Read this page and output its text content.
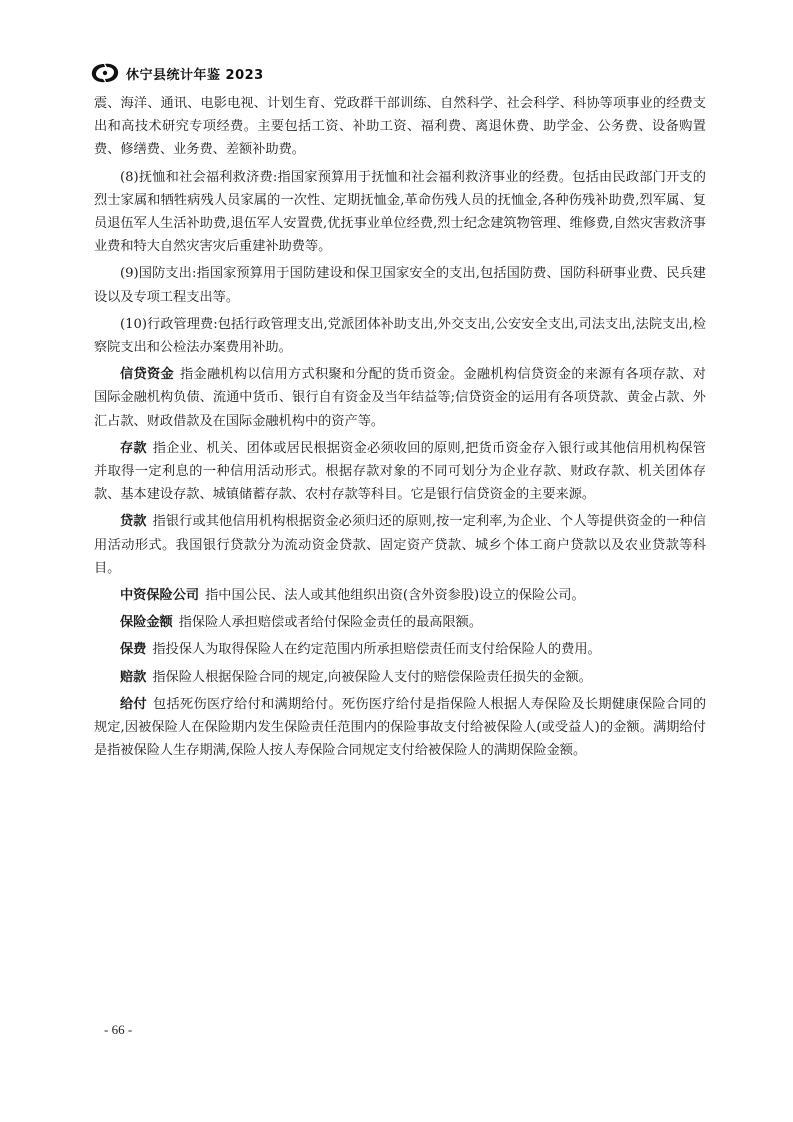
休宁县统计年鉴 2023

震、海洋、通讯、电影电视、计划生育、党政群干部训练、自然科学、社会科学、科协等项事业的经费支出和高技术研究专项经费。主要包括工资、补助工资、福利费、离退休费、助学金、公务费、设备购置费、修缮费、业务费、差额补助费。

(8)抚恤和社会福利救济费:指国家预算用于抚恤和社会福利救济事业的经费。包括由民政部门开支的烈士家属和牺牲病残人员家属的一次性、定期抚恤金,革命伤残人员的抚恤金,各种伤残补助费,烈军属、复员退伍军人生活补助费,退伍军人安置费,优抚事业单位经费,烈士纪念建筑物管理、维修费,自然灾害救济事业费和特大自然灾害灾后重建补助费等。

(9)国防支出:指国家预算用于国防建设和保卫国家安全的支出,包括国防费、国防科研事业费、民兵建设以及专项工程支出等。

(10)行政管理费:包括行政管理支出,党派团体补助支出,外交支出,公安安全支出,司法支出,法院支出,检察院支出和公检法办案费用补助。

信贷资金 指金融机构以信用方式积聚和分配的货币资金。金融机构信贷资金的来源有各项存款、对国际金融机构负债、流通中货币、银行自有资金及当年结益等;信贷资金的运用有各项贷款、黄金占款、外汇占款、财政借款及在国际金融机构中的资产等。

存款 指企业、机关、团体或居民根据资金必须收回的原则,把货币资金存入银行或其他信用机构保管并取得一定利息的一种信用活动形式。根据存款对象的不同可划分为企业存款、财政存款、机关团体存款、基本建设存款、城镇储蓄存款、农村存款等科目。它是银行信贷资金的主要来源。

贷款 指银行或其他信用机构根据资金必须归还的原则,按一定利率,为企业、个人等提供资金的一种信用活动形式。我国银行贷款分为流动资金贷款、固定资产贷款、城乡个体工商户贷款以及农业贷款等科目。

中资保险公司 指中国公民、法人或其他组织出资(含外资参股)设立的保险公司。

保险金额 指保险人承担赔偿或者给付保险金责任的最高限额。

保费 指投保人为取得保险人在约定范围内所承担赔偿责任而支付给保险人的费用。

赔款 指保险人根据保险合同的规定,向被保险人支付的赔偿保险责任损失的金额。

给付 包括死伤医疗给付和满期给付。死伤医疗给付是指保险人根据人寿保险及长期健康保险合同的规定,因被保险人在保险期内发生保险责任范围内的保险事故支付给被保险人(或受益人)的金额。满期给付是指被保险人生存期满,保险人按人寿保险合同规定支付给被保险人的满期保险金额。

- 66 -
